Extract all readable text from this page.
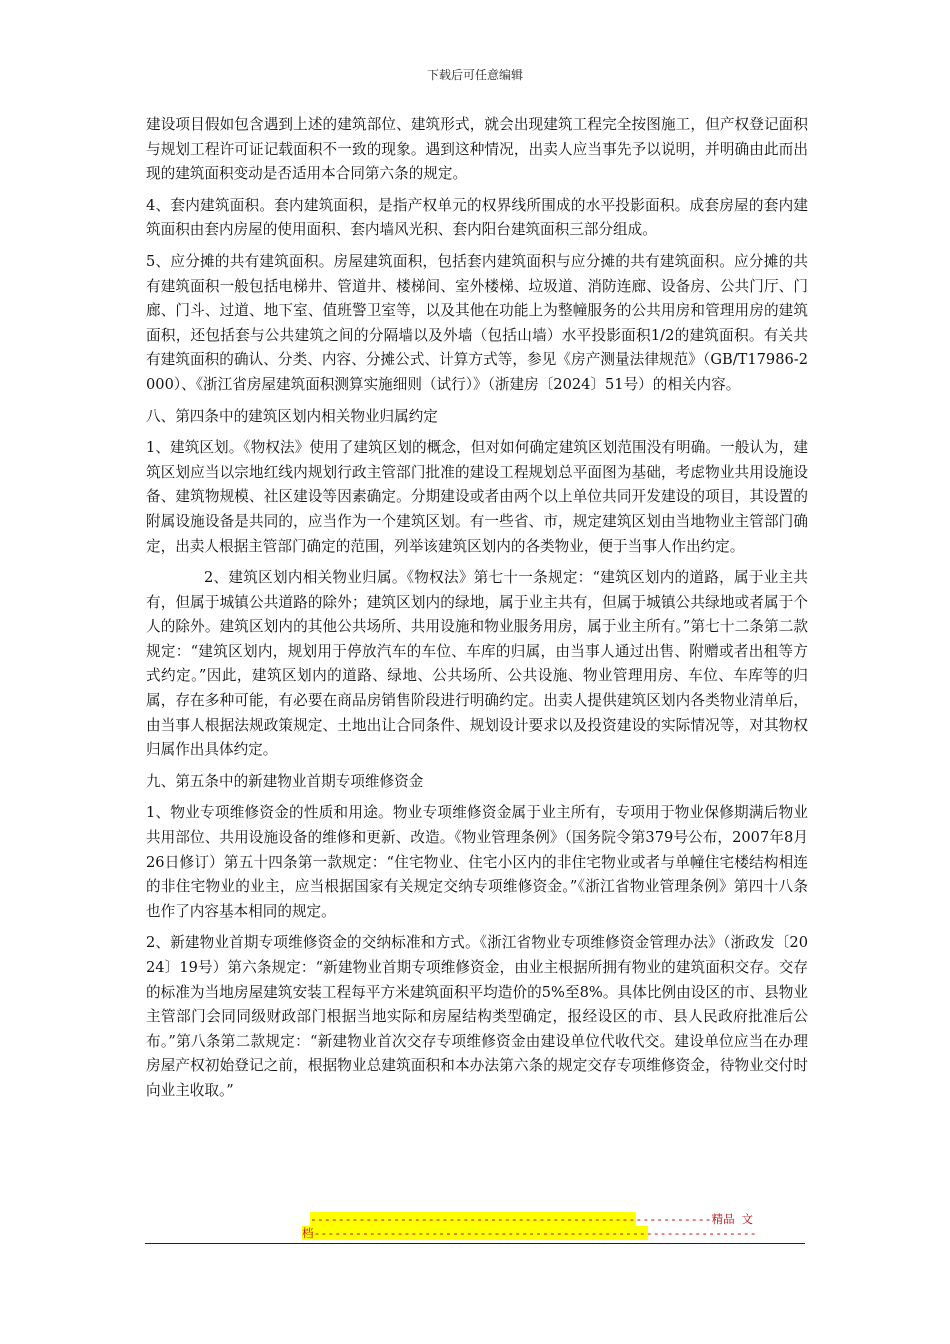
下载后可任意编辑

建设项目假如包含遇到上述的建筑部位、建筑形式，就会出现建筑工程完全按图施工，但产权登记面积与规划工程许可证记载面积不一致的现象。遇到这种情况，出卖人应当事先予以说明，并明确由此而出现的建筑面积变动是否适用本合同第六条的规定。

4、套内建筑面积。套内建筑面积，是指产权单元的权界线所围成的水平投影面积。成套房屋的套内建筑面积由套内房屋的使用面积、套内墙风光积、套内阳台建筑面积三部分组成。

5、应分摊的共有建筑面积。房屋建筑面积，包括套内建筑面积与应分摊的共有建筑面积。应分摊的共有建筑面积一般包括电梯井、管道井、楼梯间、室外楼梯、垃圾道、消防连廊、设备房、公共门厅、门廊、门斗、过道、地下室、值班警卫室等，以及其他在功能上为整幢服务的公共用房和管理用房的建筑面积，还包括套与公共建筑之间的分隔墙以及外墙（包括山墙）水平投影面积1/2的建筑面积。有关共有建筑面积的确认、分类、内容、分摊公式、计算方式等，参见《房产测量法律规范》（GB/T17986-2000）、《浙江省房屋建筑面积测算实施细则（试行）》（浙建房〔2024〕51号）的相关内容。

八、第四条中的建筑区划内相关物业归属约定

1、建筑区划。《物权法》使用了建筑区划的概念，但对如何确定建筑区划范围没有明确。一般认为，建筑区划应当以宗地红线内规划行政主管部门批准的建设工程规划总平面图为基础，考虑物业共用设施设备、建筑物规模、社区建设等因素确定。分期建设或者由两个以上单位共同开发建设的项目，其设置的附属设施设备是共同的，应当作为一个建筑区划。有一些省、市，规定建筑区划由当地物业主管部门确定，出卖人根据主管部门确定的范围，列举该建筑区划内的各类物业，便于当事人作出约定。

2、建筑区划内相关物业归属。《物权法》第七十一条规定：“建筑区划内的道路，属于业主共有，但属于城镇公共道路的除外；建筑区划内的绿地，属于业主共有，但属于城镇公共绿地或者属于个人的除外。建筑区划内的其他公共场所、共用设施和物业服务用房，属于业主所有。”第七十二条第二款规定：“建筑区划内，规划用于停放汽车的车位、车库的归属，由当事人通过出售、附赠或者出租等方式约定。”因此，建筑区划内的道路、绿地、公共场所、公共设施、物业管理用房、车位、车库等的归属，存在多种可能，有必要在商品房销售阶段进行明确约定。出卖人提供建筑区划内各类物业清单后，由当事人根据法规政策规定、土地出让合同条件、规划设计要求以及投资建设的实际情况等，对其物权归属作出具体约定。

九、第五条中的新建物业首期专项维修资金

1、物业专项维修资金的性质和用途。物业专项维修资金属于业主所有，专项用于物业保修期满后物业共用部位、共用设施设备的维修和更新、改造。《物业管理条例》（国务院令第379号公布，2007年8月26日修订）第五十四条第一款规定：“住宅物业、住宅小区内的非住宅物业或者与单幢住宅楼结构相连的非住宅物业的业主，应当根据国家有关规定交纳专项维修资金。”《浙江省物业管理条例》第四十八条也作了内容基本相同的规定。

2、新建物业首期专项维修资金的交纳标准和方式。《浙江省物业专项维修资金管理办法》（浙政发〔2024〕19号）第六条规定：“新建物业首期专项维修资金，由业主根据所拥有物业的建筑面积交存。交存的标准为当地房屋建筑安装工程每平方米建筑面积平均造价的5%至8%。具体比例由设区的市、县物业主管部门会同同级财政部门根据当地实际和房屋结构类型确定，报经设区的市、县人民政府批准后公布。”第八条第二款规定：“新建物业首次交存专项维修资金由建设单位代收代交。建设单位应当在办理房屋产权初始登记之前，根据物业总建筑面积和本办法第六条的规定交存专项维修资金，待物业交付时向业主收取。”

----------------------------------------------------------精品 文
档----------------------------------------------------------------
